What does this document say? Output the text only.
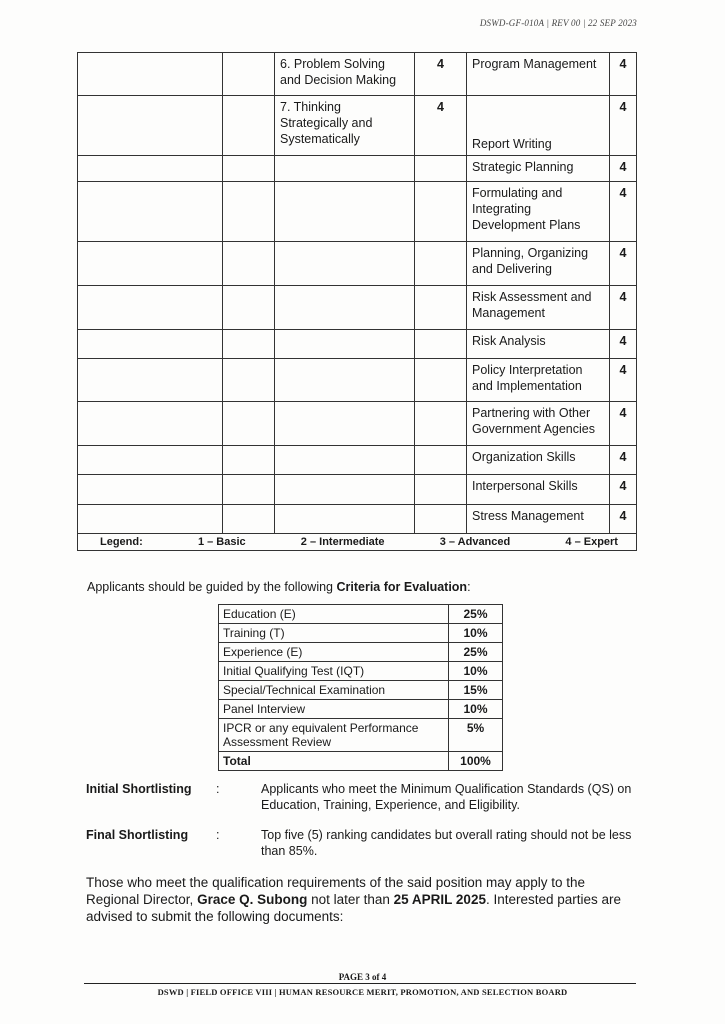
DSWD-GF-010A | REV 00 | 22 SEP 2023
		6. Problem Solving and Decision Making	4	Program Management	4
		7. Thinking Strategically and Systematically	4	Report Writing	4
				Strategic Planning	4
				Formulating and Integrating Development Plans	4
				Planning, Organizing and Delivering	4
				Risk Assessment and Management	4
				Risk Analysis	4
				Policy Interpretation and Implementation	4
				Partnering with Other Government Agencies	4
				Organization Skills	4
				Interpersonal Skills	4
				Stress Management	4

Legend: 1 – Basic 2 – Intermediate 3 – Advanced 4 – Expert					
Applicants should be guided by the following Criteria for Evaluation:
Education (E)	25%
Training (T)	10%
Experience (E)	25%
Initial Qualifying Test (IQT)	10%
Special/Technical Examination	15%
Panel Interview	10%
IPCR or any equivalent Performance Assessment Review	5%
Total	100%
Initial Shortlisting	:	Applicants who meet the Minimum Qualification Standards (QS) on Education, Training, Experience, and Eligibility.
Final Shortlisting	:	Top five (5) ranking candidates but overall rating should not be less than 85%.
Those who meet the qualification requirements of the said position may apply to the Regional Director, Grace Q. Subong not later than 25 APRIL 2025. Interested parties are advised to submit the following documents:
PAGE 3 of 4
DSWD | FIELD OFFICE VIII | HUMAN RESOURCE MERIT, PROMOTION, AND SELECTION BOARD
